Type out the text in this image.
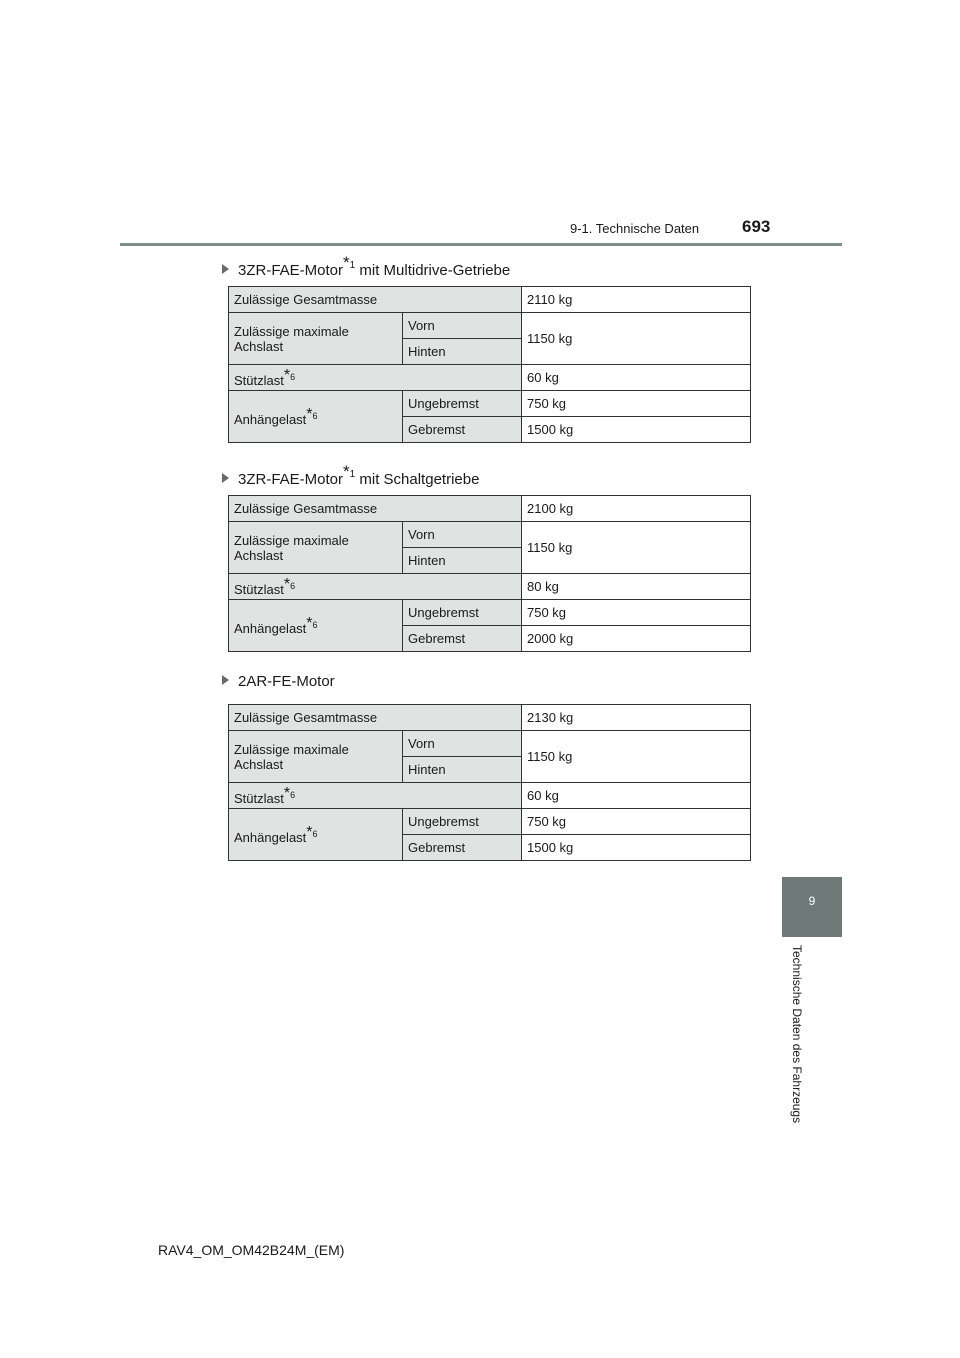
9-1. Technische Daten	693
3ZR-FAE-Motor$^{*1}$ mit Multidrive-Getriebe
Zulässige Gesamtmasse		2110 kg
Zulässige maximale Achslast	Vorn	1150 kg
	Hinten	
Stützlast$^{*6}$		60 kg
Anhängelast$^{*6}$	Ungebremst	750 kg
	Gebremst	1500 kg
3ZR-FAE-Motor$^{*1}$ mit Schaltgetriebe
Zulässige Gesamtmasse		2100 kg
Zulässige maximale Achslast	Vorn	1150 kg
	Hinten	
Stützlast$^{*6}$		80 kg
Anhängelast$^{*6}$	Ungebremst	750 kg
	Gebremst	2000 kg
2AR-FE-Motor
Zulässige Gesamtmasse		2130 kg
Zulässige maximale Achslast	Vorn	1150 kg
	Hinten	
Stützlast$^{*6}$		60 kg
Anhängelast$^{*6}$	Ungebremst	750 kg
	Gebremst	1500 kg
9
Technische Daten des Fahrzeugs
RAV4_OM_OM42B24M_(EM)
